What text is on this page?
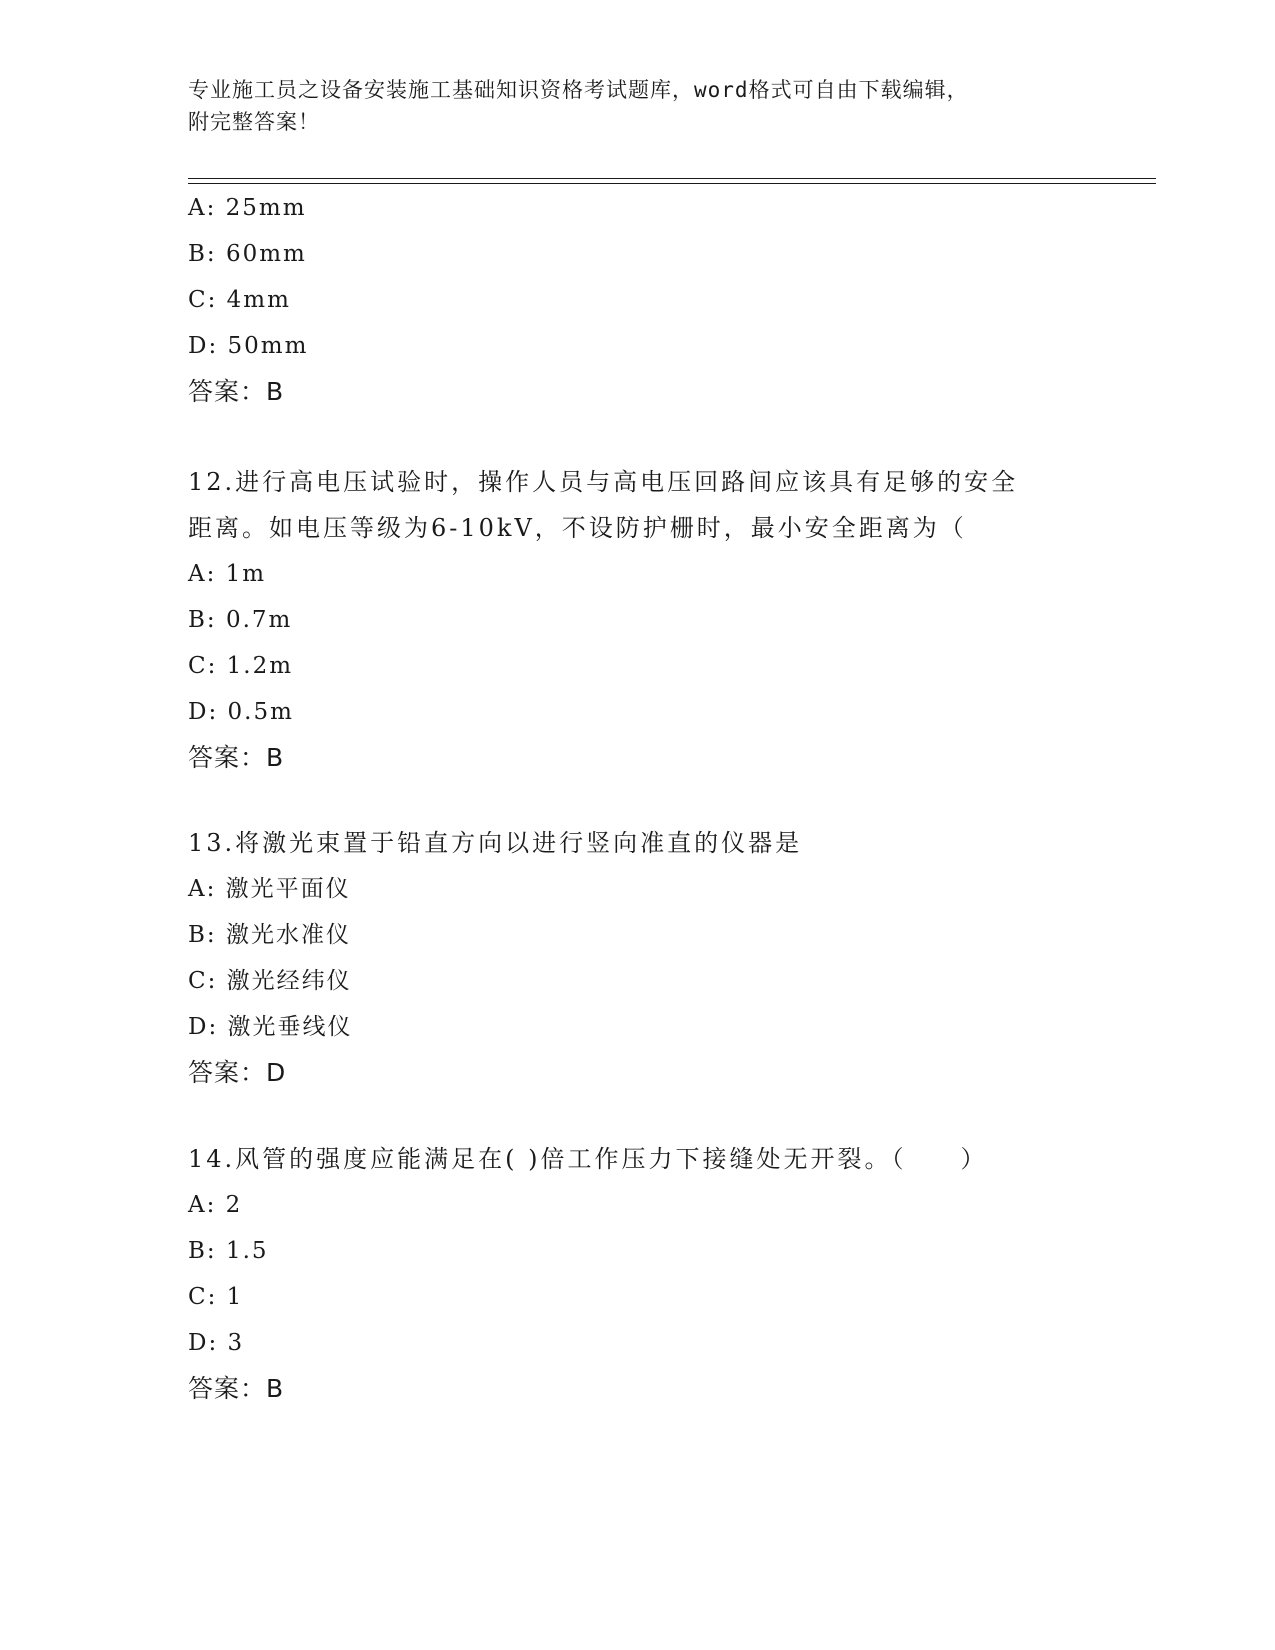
专业施工员之设备安装施工基础知识资格考试题库，word格式可自由下载编辑，
附完整答案！
A: 25mm
B: 60mm
C: 4mm
D: 50mm
答案：B
12.进行高电压试验时，操作人员与高电压回路间应该具有足够的安全
距离。如电压等级为6-10kV，不设防护栅时，最小安全距离为（
A: 1m
B: 0.7m
C: 1.2m
D: 0.5m
答案：B
13.将激光束置于铅直方向以进行竖向准直的仪器是
A: 激光平面仪
B: 激光水准仪
C: 激光经纬仪
D: 激光垂线仪
答案：D
14.风管的强度应能满足在( )倍工作压力下接缝处无开裂。（　　）
A: 2
B: 1.5
C: 1
D: 3
答案：B
